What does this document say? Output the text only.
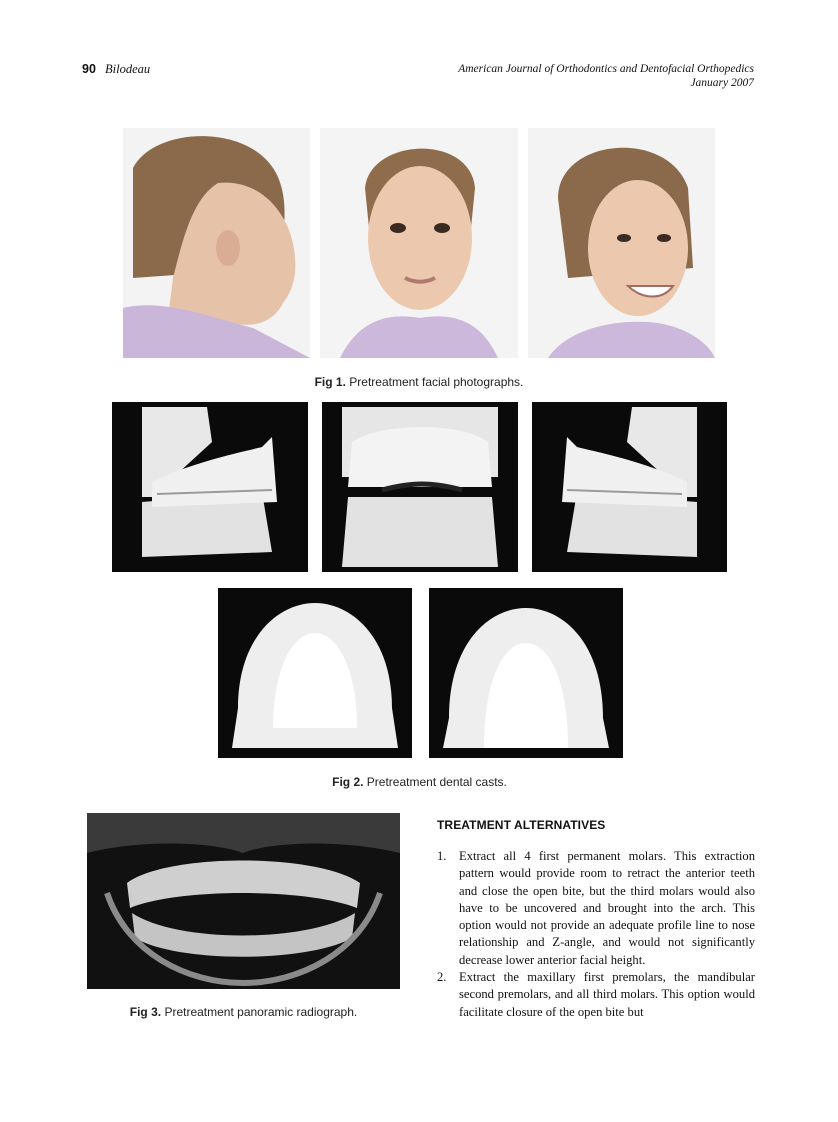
90 Bilodeau	American Journal of Orthodontics and Dentofacial Orthopedics
January 2007
Fig 1. Pretreatment facial photographs.
Fig 2. Pretreatment dental casts.
Fig 3. Pretreatment panoramic radiograph.
TREATMENT ALTERNATIVES
1. Extract all 4 first permanent molars. This extraction pattern would provide room to retract the anterior teeth and close the open bite, but the third molars would also have to be uncovered and brought into the arch. This option would not provide an adequate profile line to nose relationship and Z-angle, and would not significantly decrease lower anterior facial height.
2. Extract the maxillary first premolars, the mandibular second premolars, and all third molars. This option would facilitate closure of the open bite but
